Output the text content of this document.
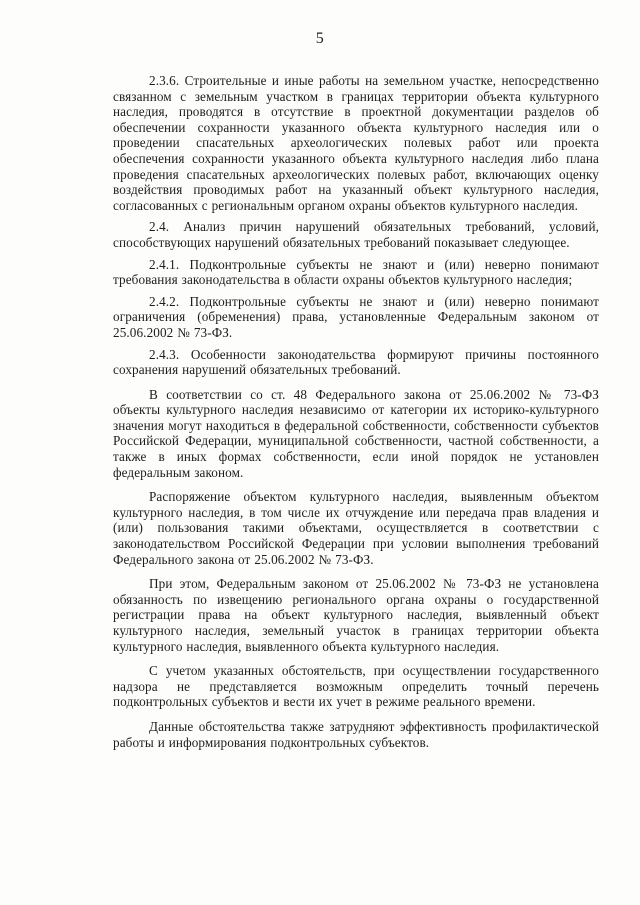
5

2.3.6. Строительные и иные работы на земельном участке, непосредственно связанном с земельным участком в границах территории объекта культурного наследия, проводятся в отсутствие в проектной документации разделов об обеспечении сохранности указанного объекта культурного наследия или о проведении спасательных археологических полевых работ или проекта обеспечения сохранности указанного объекта культурного наследия либо плана проведения спасательных археологических полевых работ, включающих оценку воздействия проводимых работ на указанный объект культурного наследия, согласованных с региональным органом охраны объектов культурного наследия.

2.4. Анализ причин нарушений обязательных требований, условий, способствующих нарушений обязательных требований показывает следующее.

2.4.1. Подконтрольные субъекты не знают и (или) неверно понимают требования законодательства в области охраны объектов культурного наследия;

2.4.2. Подконтрольные субъекты не знают и (или) неверно понимают ограничения (обременения) права, установленные Федеральным законом от 25.06.2002 № 73-ФЗ.

2.4.3. Особенности законодательства формируют причины постоянного сохранения нарушений обязательных требований.

В соответствии со ст. 48 Федерального закона от 25.06.2002 № 73-ФЗ объекты культурного наследия независимо от категории их историко-культурного значения могут находиться в федеральной собственности, собственности субъектов Российской Федерации, муниципальной собственности, частной собственности, а также в иных формах собственности, если иной порядок не установлен федеральным законом.

Распоряжение объектом культурного наследия, выявленным объектом культурного наследия, в том числе их отчуждение или передача прав владения и (или) пользования такими объектами, осуществляется в соответствии с законодательством Российской Федерации при условии выполнения требований Федерального закона от 25.06.2002 № 73-ФЗ.

При этом, Федеральным законом от 25.06.2002 № 73-ФЗ не установлена обязанность по извещению регионального органа охраны о государственной регистрации права на объект культурного наследия, выявленный объект культурного наследия, земельный участок в границах территории объекта культурного наследия, выявленного объекта культурного наследия.

С учетом указанных обстоятельств, при осуществлении государственного надзора не представляется возможным определить точный перечень подконтрольных субъектов и вести их учет в режиме реального времени.

Данные обстоятельства также затрудняют эффективность профилактической работы и информирования подконтрольных субъектов.
